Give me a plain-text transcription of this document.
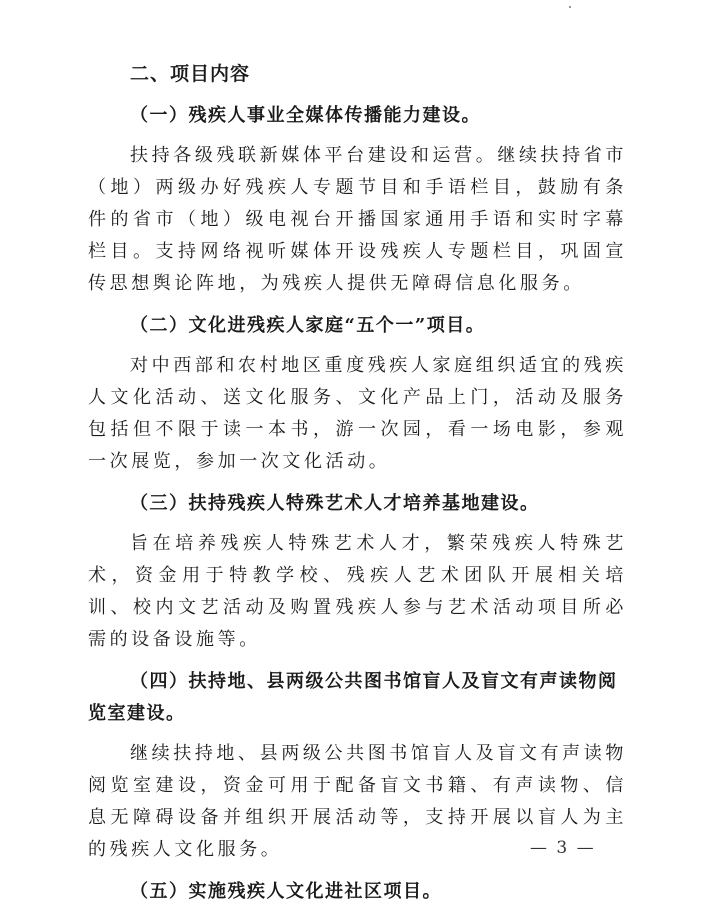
二、项目内容

（一）残疾人事业全媒体传播能力建设。

扶持各级残联新媒体平台建设和运营。继续扶持省市（地）两级办好残疾人专题节目和手语栏目，鼓励有条件的省市（地）级电视台开播国家通用手语和实时字幕栏目。支持网络视听媒体开设残疾人专题栏目，巩固宣传思想舆论阵地，为残疾人提供无障碍信息化服务。

（二）文化进残疾人家庭“五个一”项目。

对中西部和农村地区重度残疾人家庭组织适宜的残疾人文化活动、送文化服务、文化产品上门，活动及服务包括但不限于读一本书，游一次园，看一场电影，参观一次展览，参加一次文化活动。

（三）扶持残疾人特殊艺术人才培养基地建设。

旨在培养残疾人特殊艺术人才，繁荣残疾人特殊艺术，资金用于特教学校、残疾人艺术团队开展相关培训、校内文艺活动及购置残疾人参与艺术活动项目所必需的设备设施等。

（四）扶持地、县两级公共图书馆盲人及盲文有声读物阅览室建设。

继续扶持地、县两级公共图书馆盲人及盲文有声读物阅览室建设，资金可用于配备盲文书籍、有声读物、信息无障碍设备并组织开展活动等，支持开展以盲人为主的残疾人文化服务。

（五）实施残疾人文化进社区项目。

— 3 —
